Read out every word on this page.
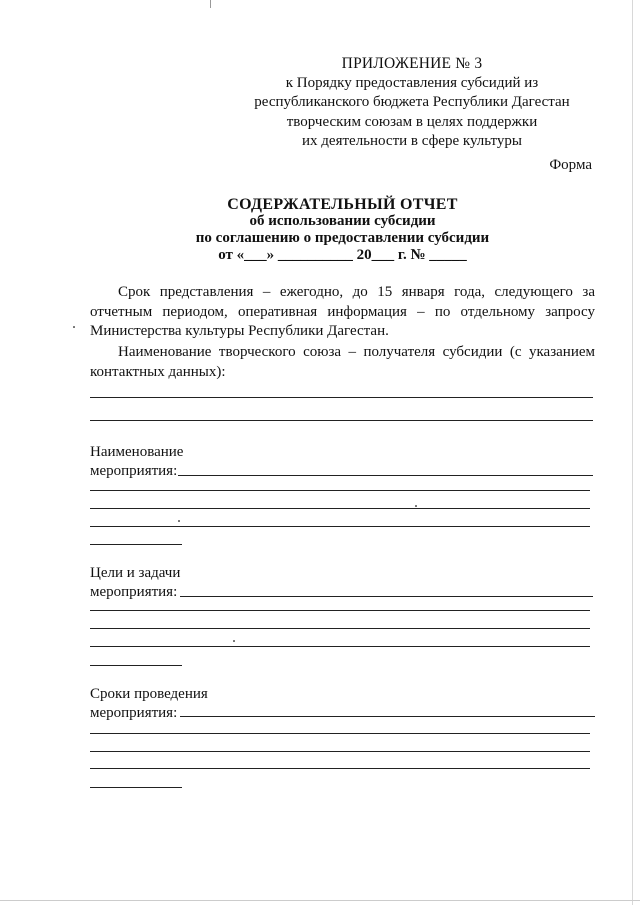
ПРИЛОЖЕНИЕ № 3
к Порядку предоставления субсидий из
республиканского бюджета Республики Дагестан
творческим союзам в целях поддержки
их деятельности в сфере культуры
Форма
СОДЕРЖАТЕЛЬНЫЙ ОТЧЕТ
об использовании субсидии
по соглашению о предоставлении субсидии
от «___» __________ 20___ г. № _____
Срок представления – ежегодно, до 15 января года, следующего за отчетным периодом, оперативная информация – по отдельному запросу Министерства культуры Республики Дагестан.
Наименование творческого союза – получателя субсидии (с указанием контактных данных):
Наименование
мероприятия:
Цели и задачи
мероприятия:
Сроки проведения
мероприятия:
